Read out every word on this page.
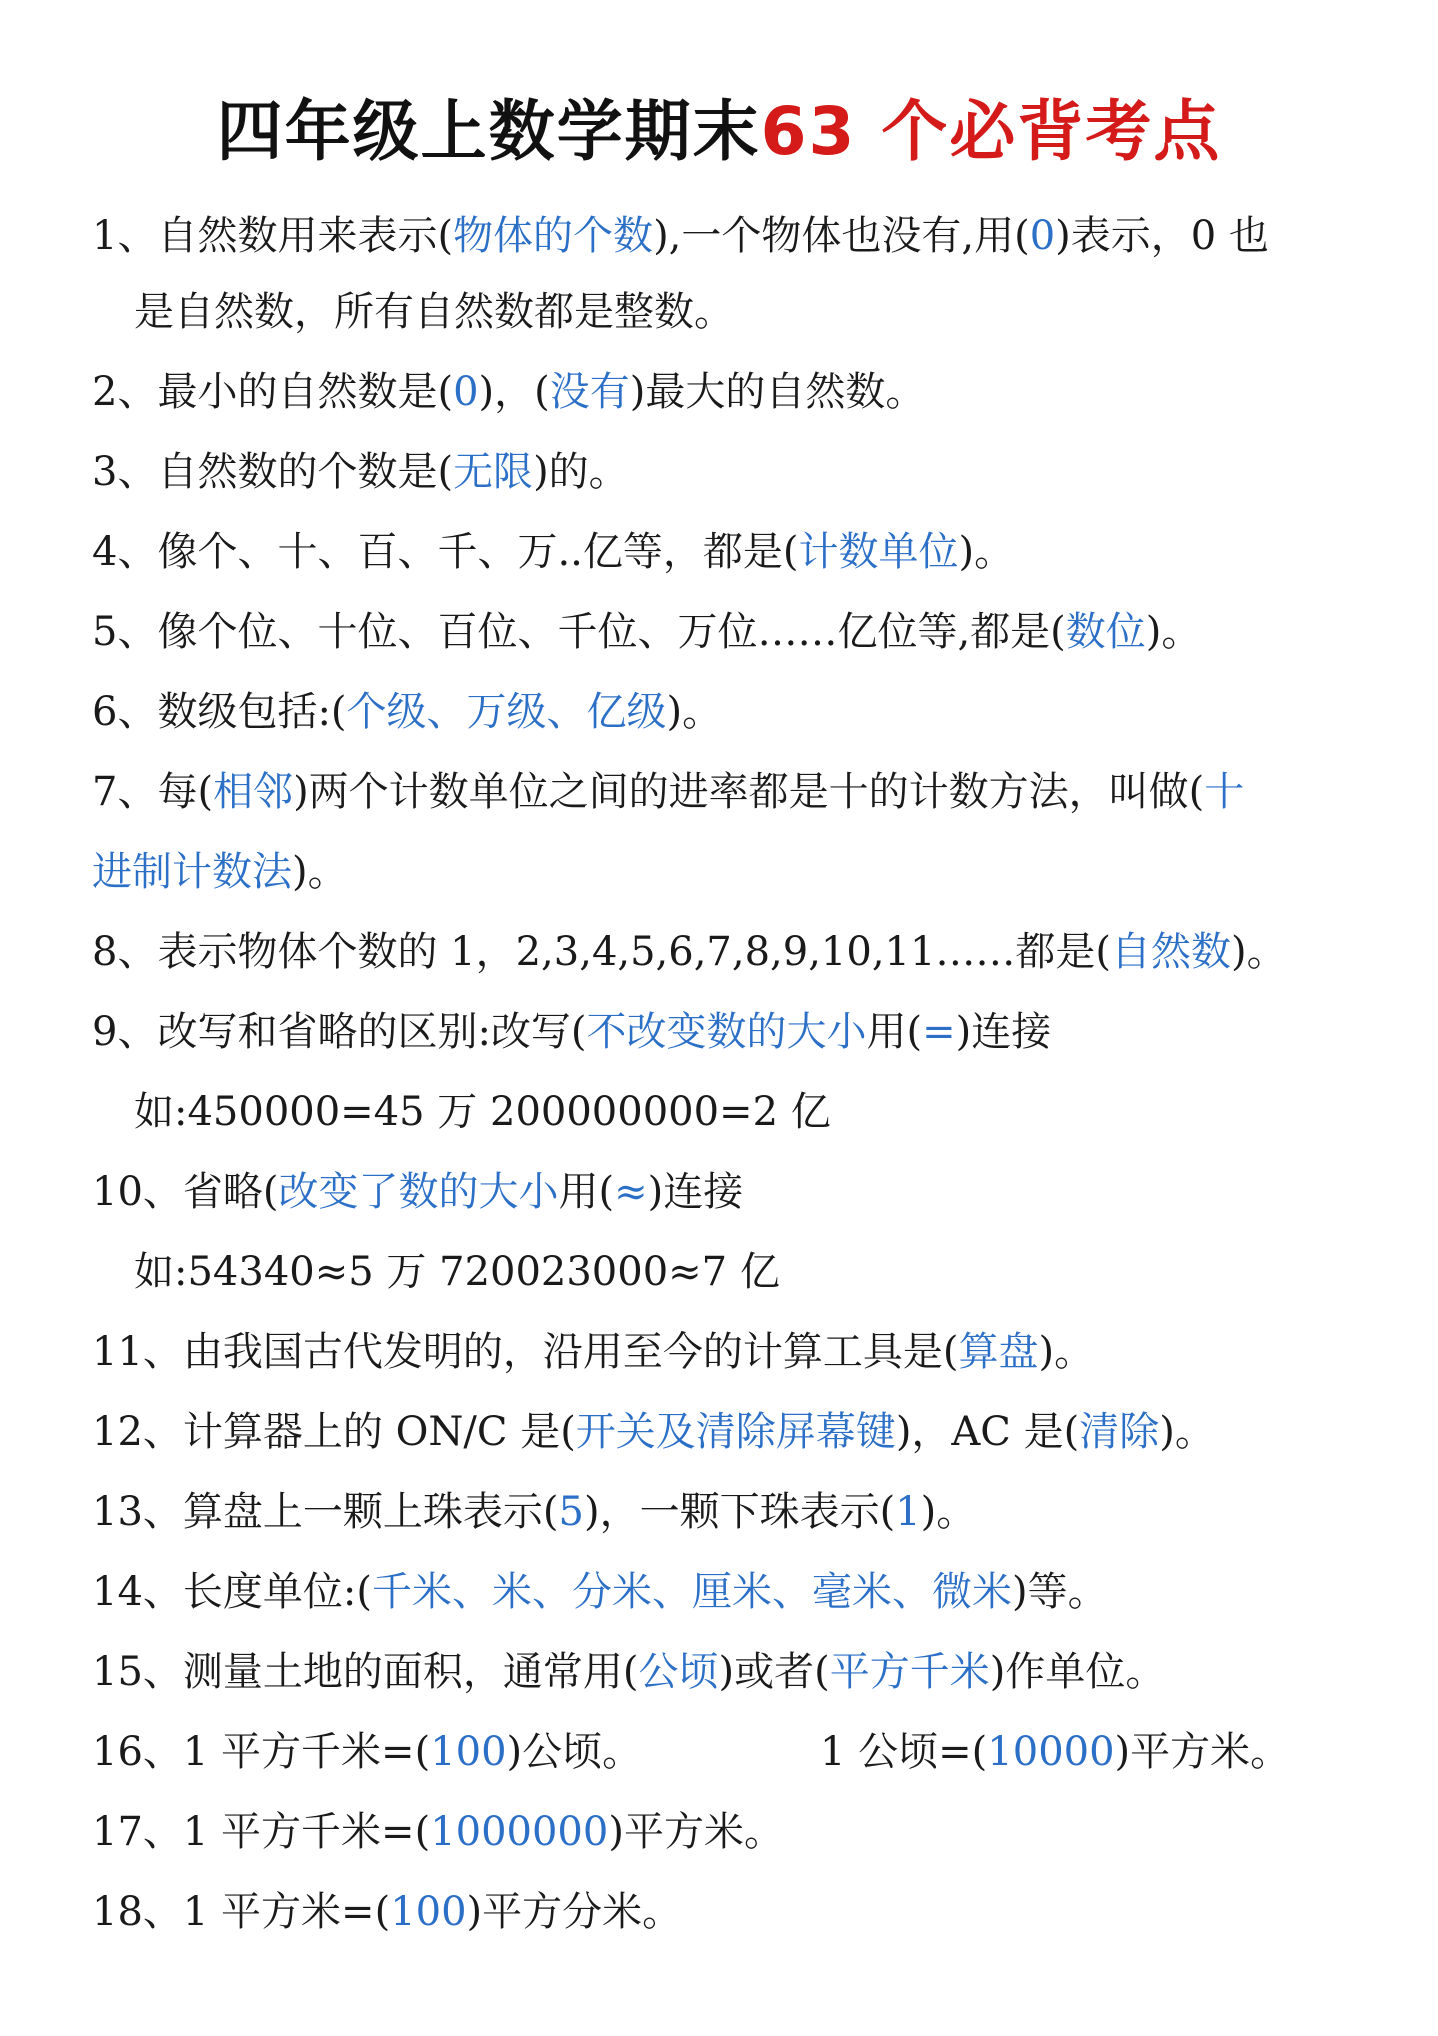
四年级上数学期末63 个必背考点
1、自然数用来表示(物体的个数),一个物体也没有,用(0)表示，0 也
是自然数，所有自然数都是整数。
2、最小的自然数是(0)，(没有)最大的自然数。
3、自然数的个数是(无限)的。
4、像个、十、百、千、万..亿等，都是(计数单位)。
5、像个位、十位、百位、千位、万位……亿位等,都是(数位)。
6、数级包括:(个级、万级、亿级)。
7、每(相邻)两个计数单位之间的进率都是十的计数方法，叫做(十
进制计数法)。
8、表示物体个数的 1，2,3,4,5,6,7,8,9,10,11……都是(自然数)。
9、改写和省略的区别:改写(不改变数的大小用(=)连接
如:450000=45 万 200000000=2 亿
10、省略(改变了数的大小用(≈)连接
如:54340≈5 万 720023000≈7 亿
11、由我国古代发明的，沿用至今的计算工具是(算盘)。
12、计算器上的 ON/C 是(开关及清除屏幕键)，AC 是(清除)。
13、算盘上一颗上珠表示(5)，一颗下珠表示(1)。
14、长度单位:(千米、米、分米、厘米、毫米、微米)等。
15、测量土地的面积，通常用(公顷)或者(平方千米)作单位。
16、1 平方千米=(100)公顷。	1 公顷=(10000)平方米。
17、1 平方千米=(1000000)平方米。
18、1 平方米=(100)平方分米。
